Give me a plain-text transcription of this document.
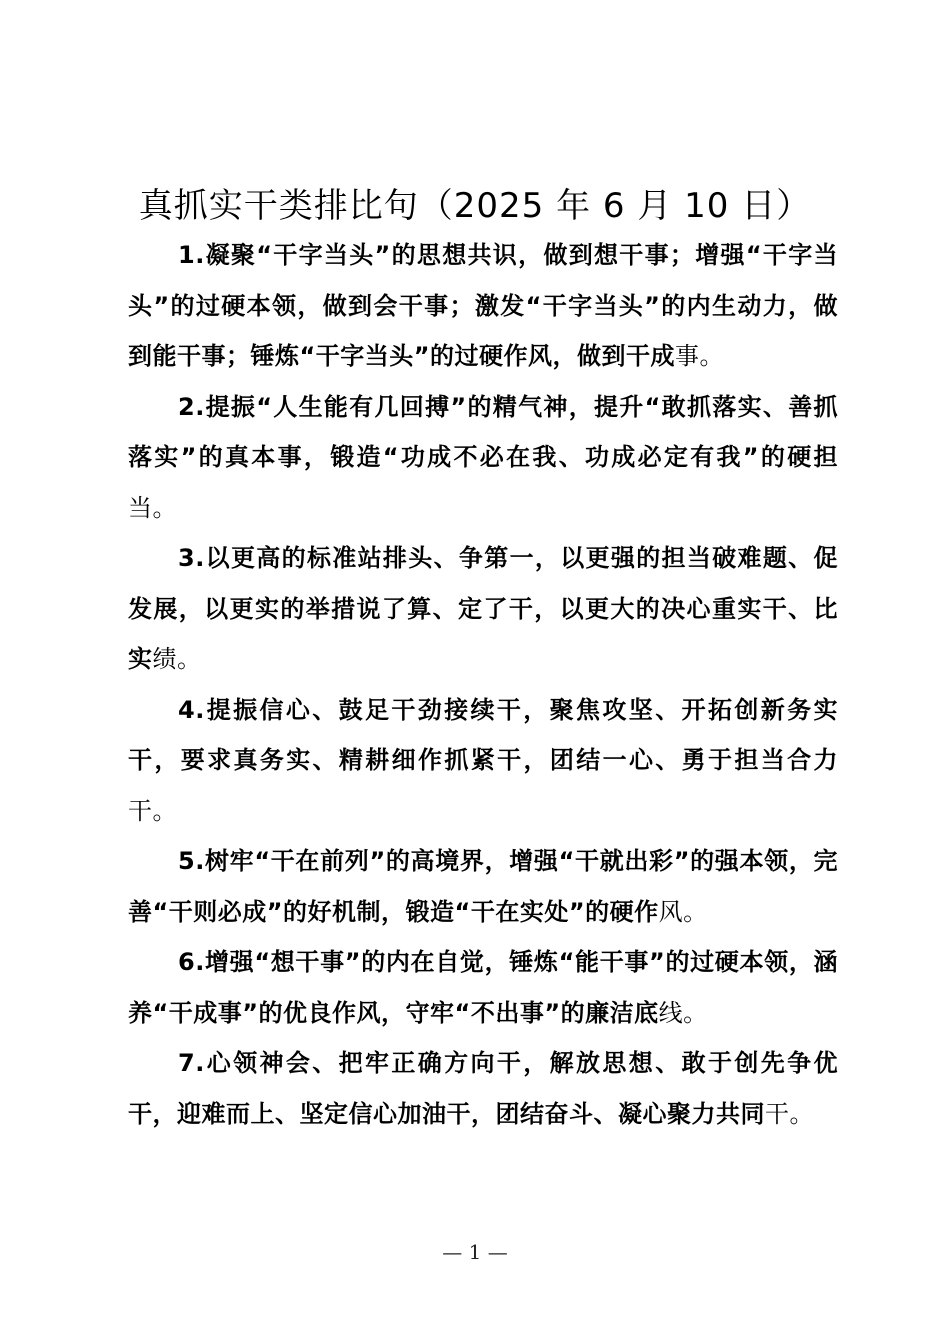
真抓实干类排比句（2025 年 6 月 10 日）

1.凝聚“干字当头”的思想共识，做到想干事；增强“干字当头”的过硬本领，做到会干事；激发“干字当头”的内生动力，做到能干事；锤炼“干字当头”的过硬作风，做到干成事。

2.提振“人生能有几回搏”的精气神，提升“敢抓落实、善抓落实”的真本事，锻造“功成不必在我、功成必定有我”的硬担当。

3.以更高的标准站排头、争第一，以更强的担当破难题、促发展，以更实的举措说了算、定了干，以更大的决心重实干、比实绩。

4.提振信心、鼓足干劲接续干，聚焦攻坚、开拓创新务实干，要求真务实、精耕细作抓紧干，团结一心、勇于担当合力干。

5.树牢“干在前列”的高境界，增强“干就出彩”的强本领，完善“干则必成”的好机制，锻造“干在实处”的硬作风。

6.增强“想干事”的内在自觉，锤炼“能干事”的过硬本领，涵养“干成事”的优良作风，守牢“不出事”的廉洁底线。

7.心领神会、把牢正确方向干，解放思想、敢于创先争优干，迎难而上、坚定信心加油干，团结奋斗、凝心聚力共同干。

— 1 —
